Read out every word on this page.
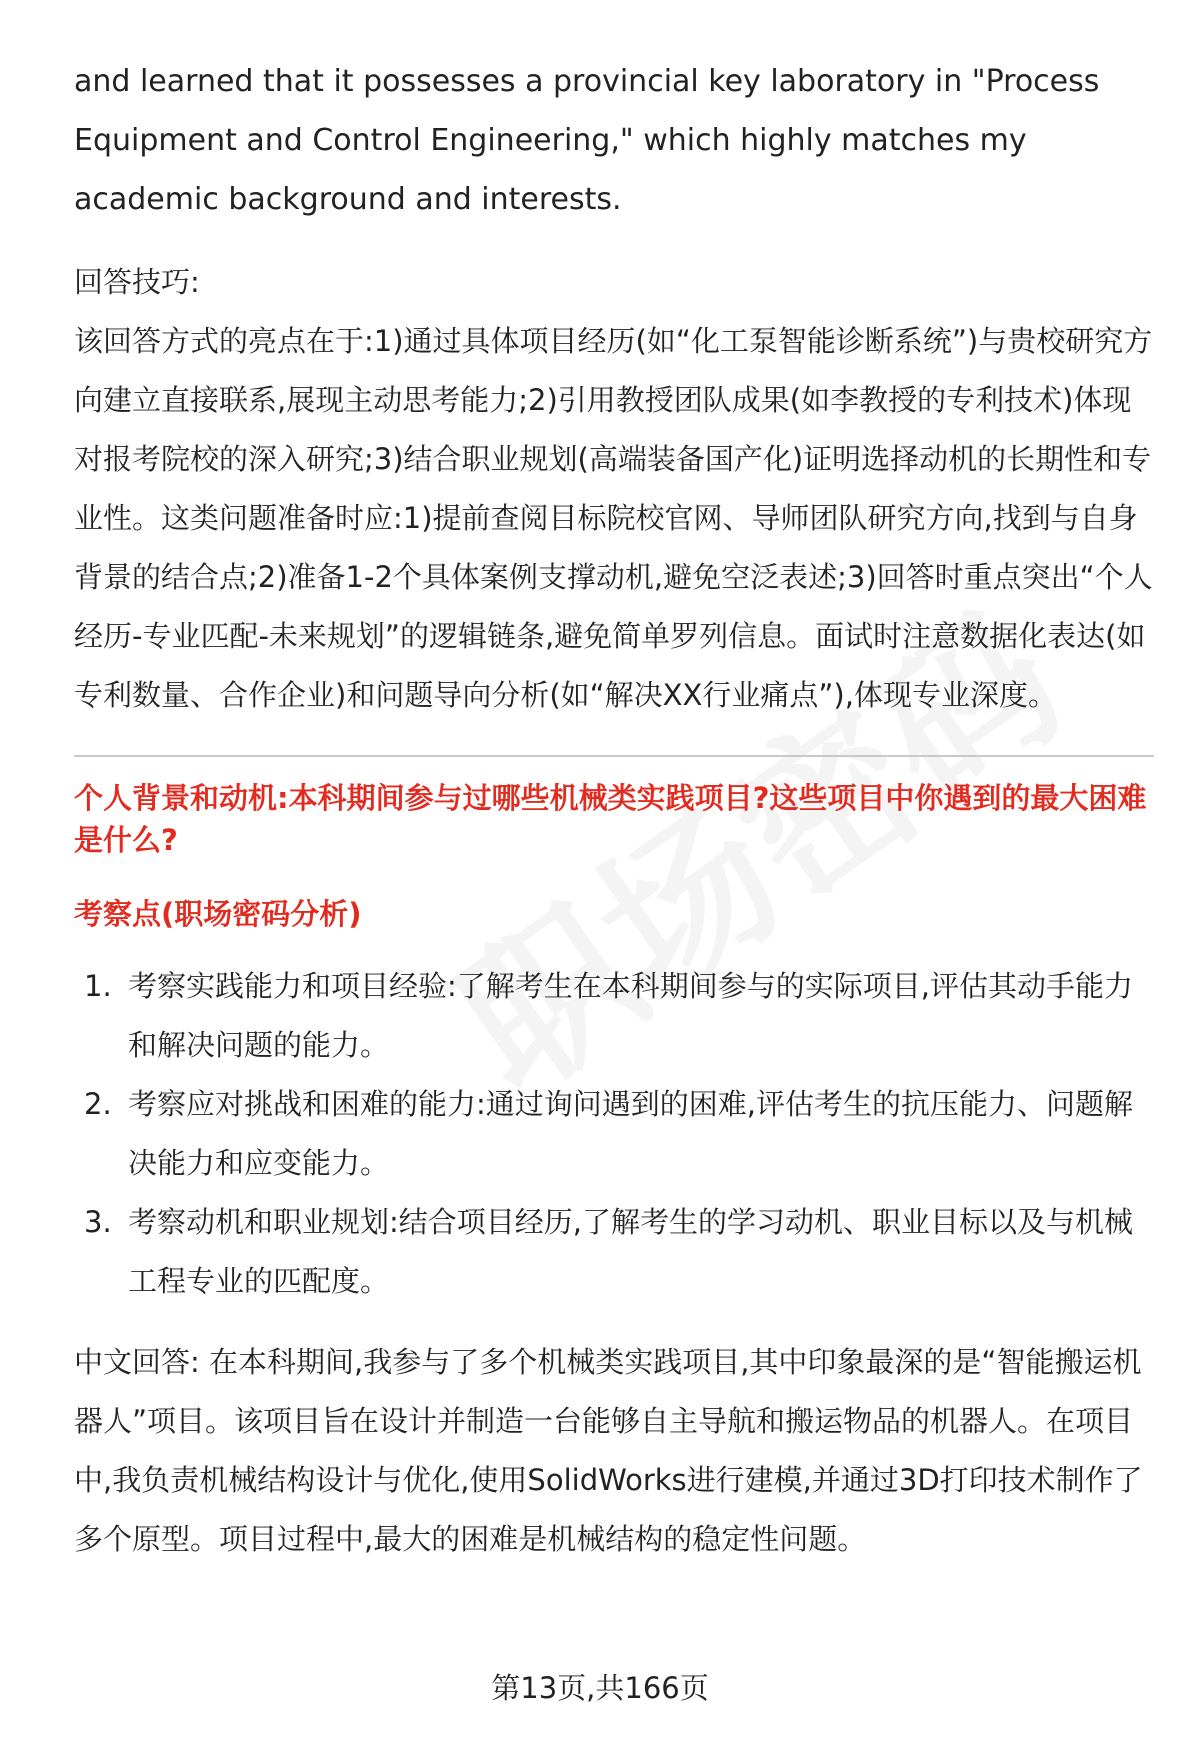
and learned that it possesses a provincial key laboratory in "Process Equipment and Control Engineering," which highly matches my academic background and interests.

回答技巧:

该回答方式的亮点在于:1)通过具体项目经历(如“化工泵智能诊断系统”)与贵校研究方向建立直接联系,展现主动思考能力;2)引用教授团队成果(如李教授的专利技术)体现对报考院校的深入研究;3)结合职业规划(高端装备国产化)证明选择动机的长期性和专业性。这类问题准备时应:1)提前查阅目标院校官网、导师团队研究方向,找到与自身背景的结合点;2)准备1-2个具体案例支撑动机,避免空泛表述;3)回答时重点突出“个人经历-专业匹配-未来规划”的逻辑链条,避免简单罗列信息。面试时注意数据化表达(如专利数量、合作企业)和问题导向分析(如“解决XX行业痛点”),体现专业深度。

个人背景和动机:本科期间参与过哪些机械类实践项目?这些项目中你遇到的最大困难是什么?
考察点(职场密码分析)
1. 考察实践能力和项目经验:了解考生在本科期间参与的实际项目,评估其动手能力和解决问题的能力。
2. 考察应对挑战和困难的能力:通过询问遇到的困难,评估考生的抗压能力、问题解决能力和应变能力。
3. 考察动机和职业规划:结合项目经历,了解考生的学习动机、职业目标以及与机械工程专业的匹配度。

中文回答: 在本科期间,我参与了多个机械类实践项目,其中印象最深的是“智能搬运机器人”项目。该项目旨在设计并制造一台能够自主导航和搬运物品的机器人。在项目中,我负责机械结构设计与优化,使用SolidWorks进行建模,并通过3D打印技术制作了多个原型。项目过程中,最大的困难是机械结构的稳定性问题。

第13页,共166页
